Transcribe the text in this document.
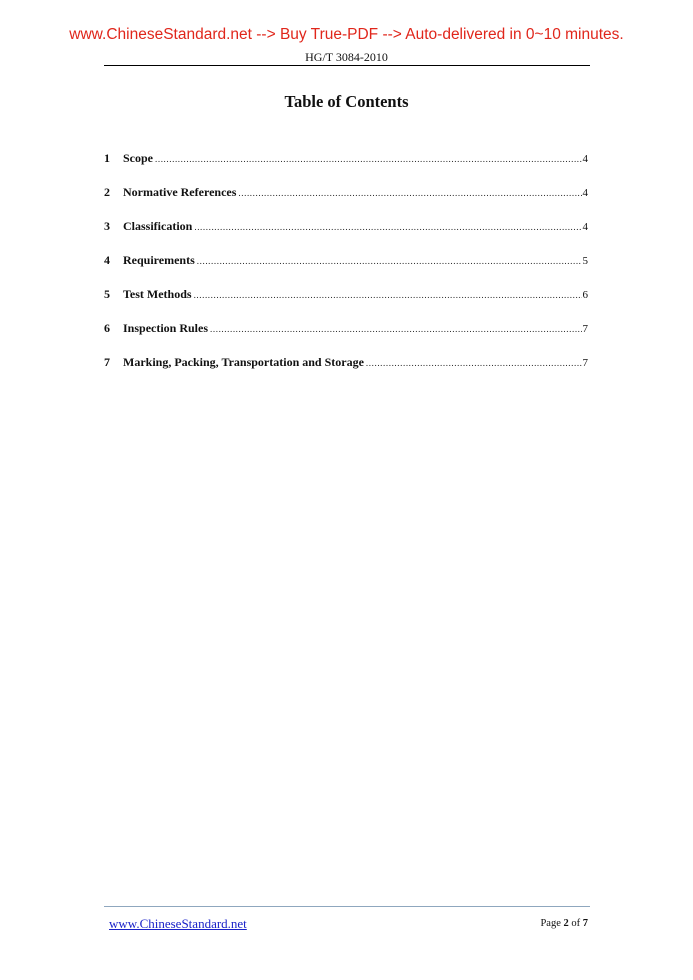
www.ChineseStandard.net --> Buy True-PDF --> Auto-delivered in 0~10 minutes.
HG/T 3084-2010
Table of Contents
1	Scope .....	4
2	Normative References .....	4
3	Classification .....	4
4	Requirements .....	5
5	Test Methods .....	6
6	Inspection Rules .....	7
7	Marking, Packing, Transportation and Storage .....	7
www.ChineseStandard.net	Page 2 of 7
